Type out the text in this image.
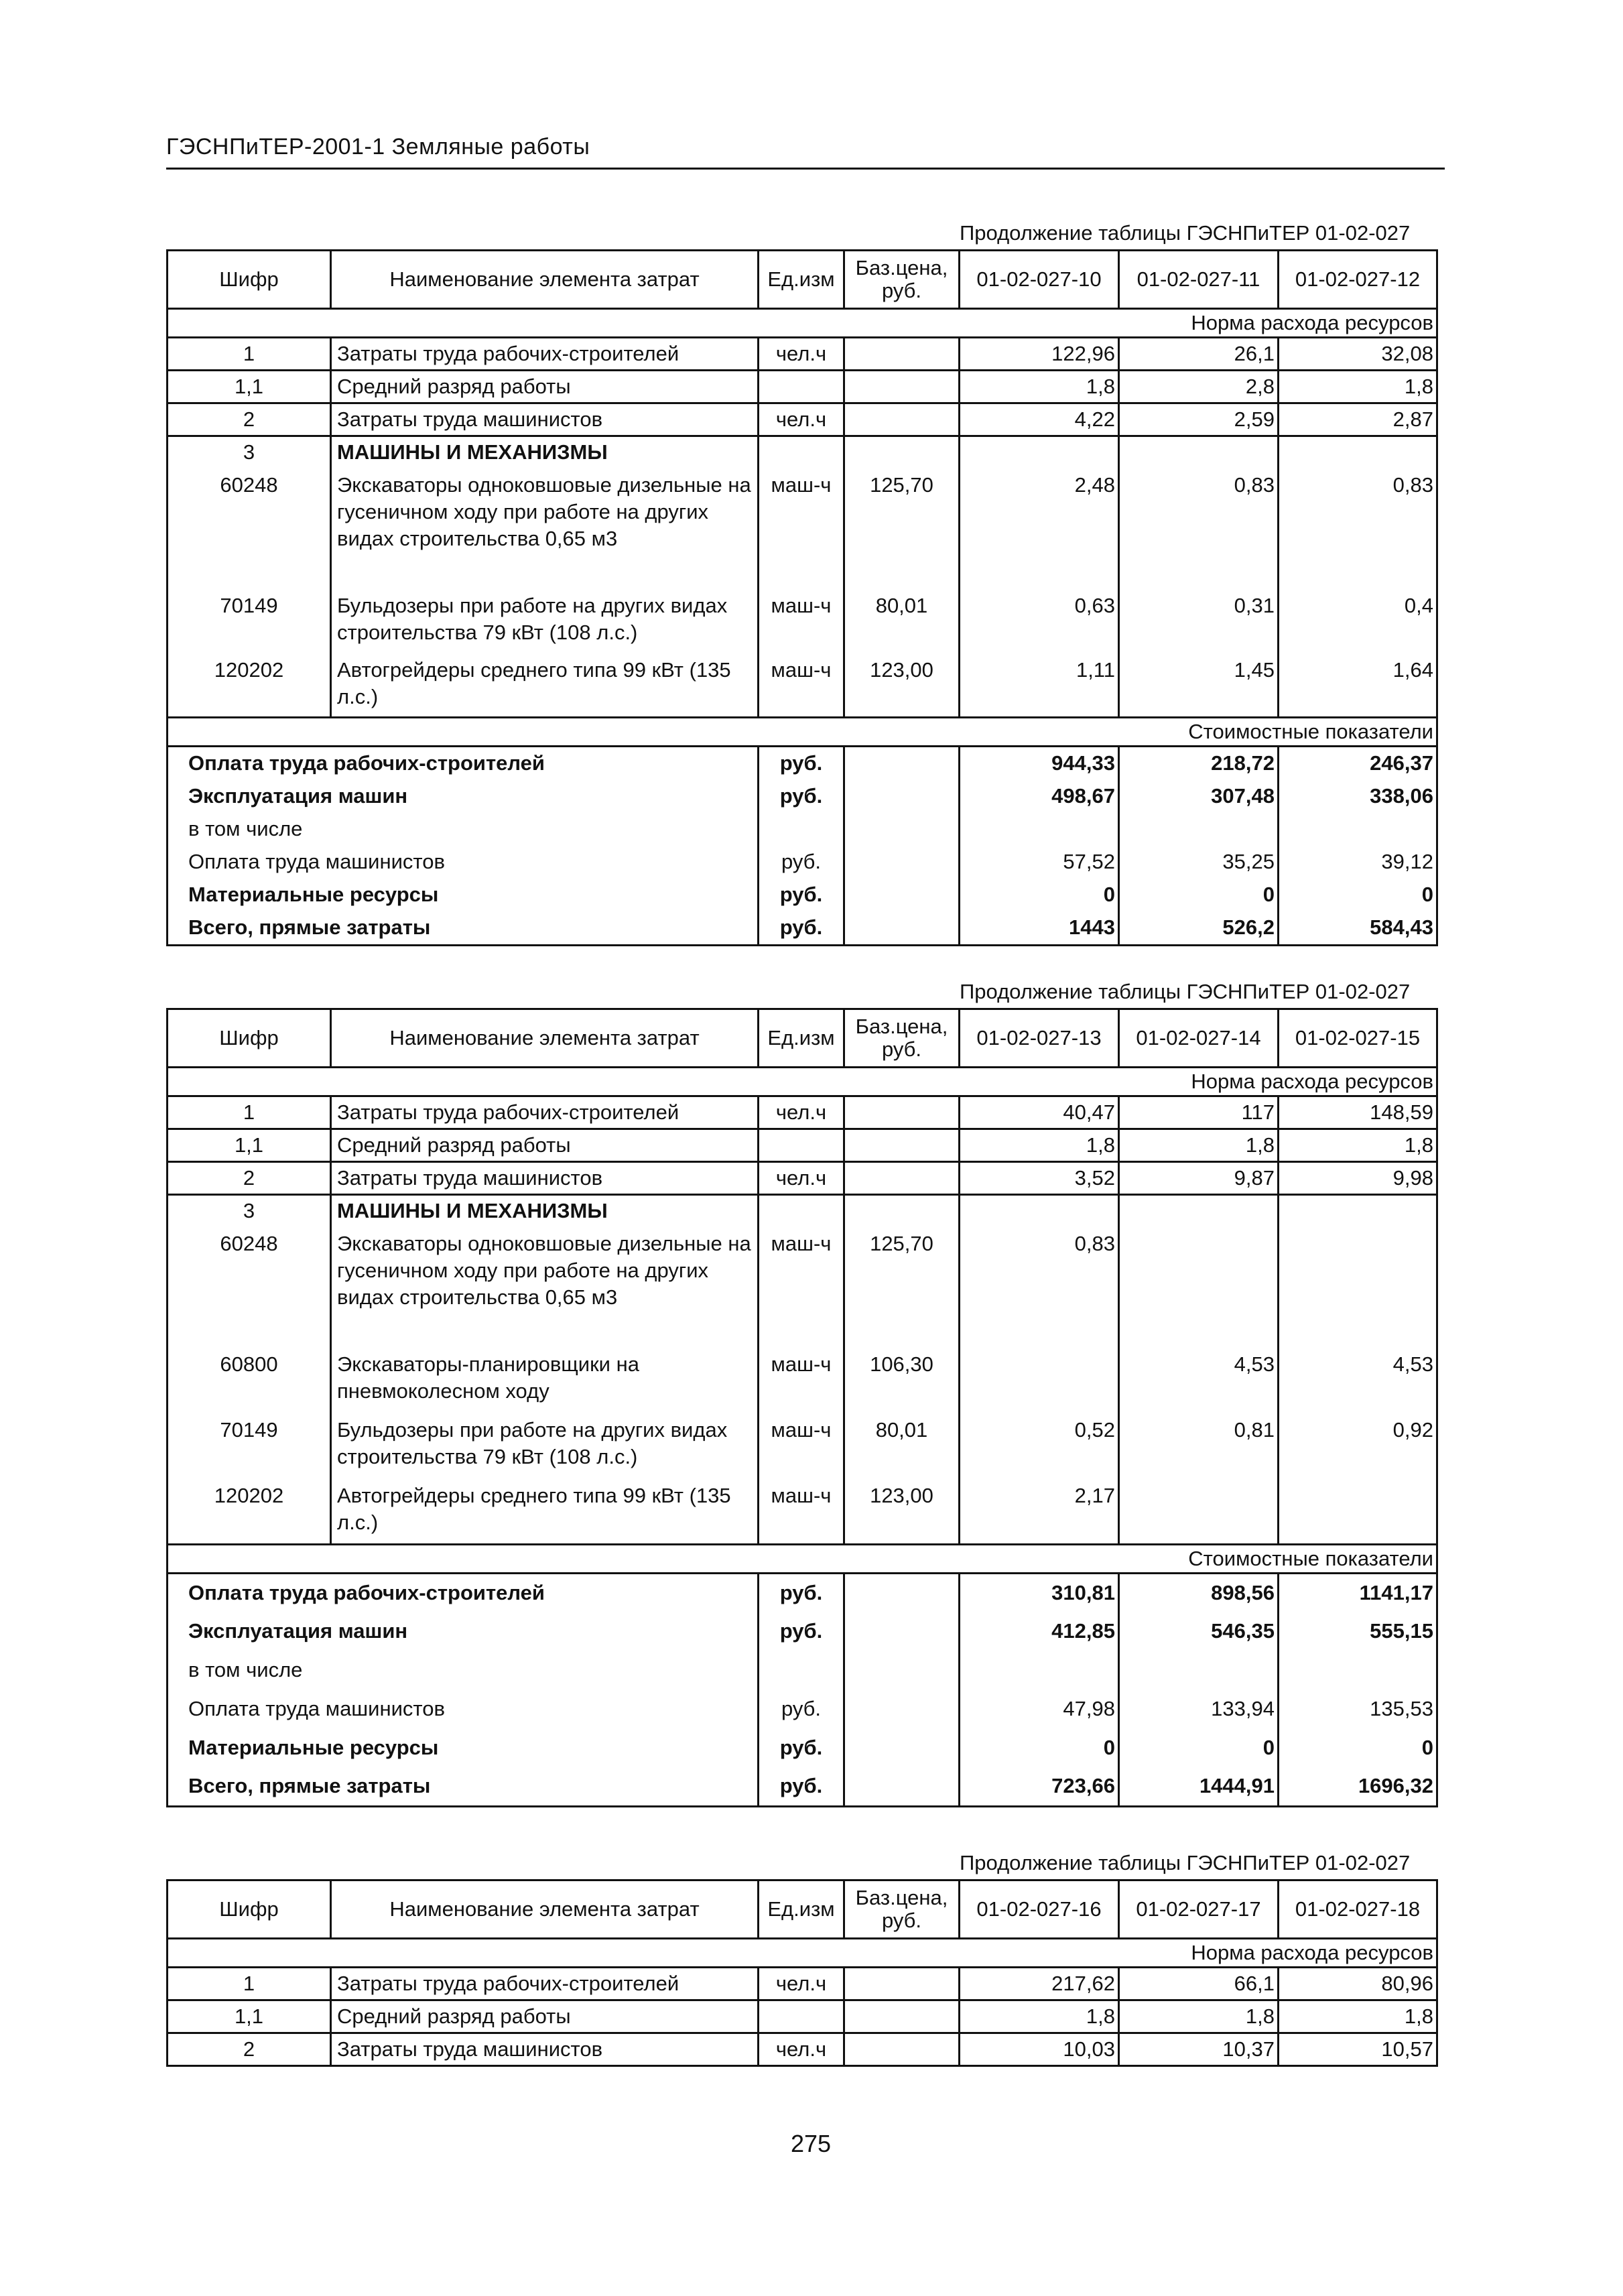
ГЭСНПиТЕР-2001-1 Земляные работы
Продолжение таблицы ГЭСНПиТЕР 01-02-027
Шифр	Наименование элемента затрат	Ед.изм	Баз.цена, руб.	01-02-027-10	01-02-027-11	01-02-027-12
Норма расхода ресурсов						
1	Затраты труда рабочих-строителей	чел.ч		122,96	26,1	32,08
1,1	Средний разряд работы			1,8	2,8	1,8
2	Затраты труда машинистов	чел.ч		4,22	2,59	2,87
3	МАШИНЫ И МЕХАНИЗМЫ					
60248	Экскаваторы одноковшовые дизельные на гусеничном ходу при работе на других видах строительства 0,65 м3	маш-ч	125,70	2,48	0,83	0,83
70149	Бульдозеры при работе на других видах строительства 79 кВт (108 л.с.)	маш-ч	80,01	0,63	0,31	0,4
120202	Автогрейдеры среднего типа 99 кВт (135 л.с.)	маш-ч	123,00	1,11	1,45	1,64
Стоимостные показатели						
Оплата труда рабочих-строителей		руб.		944,33	218,72	246,37
Эксплуатация машин		руб.		498,67	307,48	338,06
в том числе						
Оплата труда машинистов		руб.		57,52	35,25	39,12
Материальные ресурсы		руб.		0	0	0
Всего, прямые затраты		руб.		1443	526,2	584,43
Продолжение таблицы ГЭСНПиТЕР 01-02-027
Шифр	Наименование элемента затрат	Ед.изм	Баз.цена, руб.	01-02-027-13	01-02-027-14	01-02-027-15
Норма расхода ресурсов						
1	Затраты труда рабочих-строителей	чел.ч		40,47	117	148,59
1,1	Средний разряд работы			1,8	1,8	1,8
2	Затраты труда машинистов	чел.ч		3,52	9,87	9,98
3	МАШИНЫ И МЕХАНИЗМЫ					
60248	Экскаваторы одноковшовые дизельные на гусеничном ходу при работе на других видах строительства 0,65 м3	маш-ч	125,70	0,83		
60800	Экскаваторы-планировщики на пневмоколесном ходу	маш-ч	106,30		4,53	4,53
70149	Бульдозеры при работе на других видах строительства 79 кВт (108 л.с.)	маш-ч	80,01	0,52	0,81	0,92
120202	Автогрейдеры среднего типа 99 кВт (135 л.с.)	маш-ч	123,00	2,17		
Стоимостные показатели						
Оплата труда рабочих-строителей		руб.		310,81	898,56	1141,17
Эксплуатация машин		руб.		412,85	546,35	555,15
в том числе						
Оплата труда машинистов		руб.		47,98	133,94	135,53
Материальные ресурсы		руб.		0	0	0
Всего, прямые затраты		руб.		723,66	1444,91	1696,32
Продолжение таблицы ГЭСНПиТЕР 01-02-027
Шифр	Наименование элемента затрат	Ед.изм	Баз.цена, руб.	01-02-027-16	01-02-027-17	01-02-027-18
Норма расхода ресурсов						
1	Затраты труда рабочих-строителей	чел.ч		217,62	66,1	80,96
1,1	Средний разряд работы			1,8	1,8	1,8
2	Затраты труда машинистов	чел.ч		10,03	10,37	10,57
275
